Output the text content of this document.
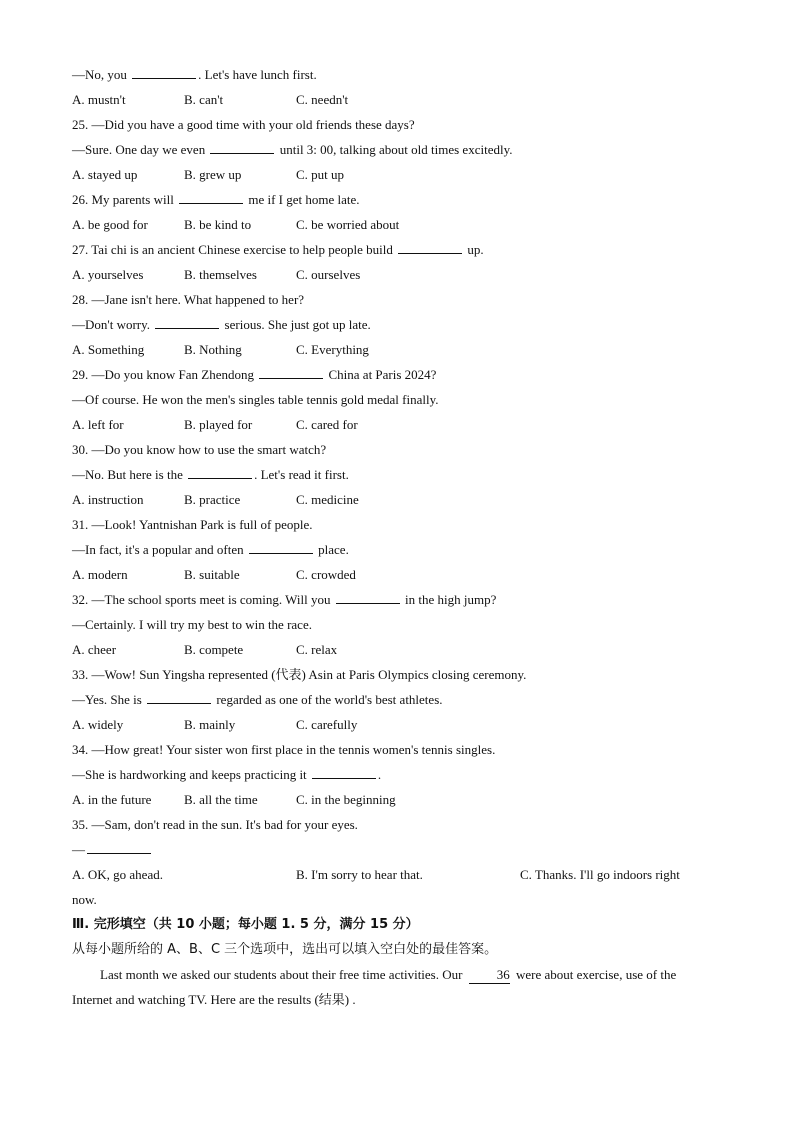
—No, you	. Let's have lunch first.
A. mustn't	B. can't	C. needn't
25. —Did you have a good time with your old friends these days?
—Sure. One day we even	until 3: 00, talking about old times excitedly.
A. stayed up	B. grew up	C. put up
26. My parents will	me if I get home late.
A. be good for	B. be kind to	C. be worried about
27. Tai chi is an ancient Chinese exercise to help people build	up.
A. yourselves	B. themselves	C. ourselves
28. —Jane isn't here. What happened to her?
—Don't worry.	serious. She just got up late.
A. Something	B. Nothing	C. Everything
29. —Do you know Fan Zhendong	China at Paris 2024?
—Of course. He won the men's singles table tennis gold medal finally.
A. left for	B. played for	C. cared for
30. —Do you know how to use the smart watch?
—No. But here is the	. Let's read it first.
A. instruction	B. practice	C. medicine
31. —Look! Yantnishan Park is full of people.
—In fact, it's a popular and often	place.
A. modern	B. suitable	C. crowded
32. —The school sports meet is coming. Will you	in the high jump?
—Certainly. I will try my best to win the race.
A. cheer	B. compete	C. relax
33. —Wow! Sun Yingsha represented (代表) Asin at Paris Olympics closing ceremony.
—Yes. She is	regarded as one of the world's best athletes.
A. widely	B. mainly	C. carefully
34. —How great! Your sister won first place in the tennis women's tennis singles.
—She is hardworking and keeps practicing it	.
A. in the future	B. all the time	C. in the beginning
35. —Sam, don't read in the sun. It's bad for your eyes.
—
A. OK, go ahead.	B. I'm sorry to hear that.	C. Thanks. I'll go indoors right
now.
Ⅲ. 完形填空（共 10 小题；每小题 1. 5 分，满分 15 分）
从每小题所给的 A、B、C 三个选项中，选出可以填入空白处的最佳答案。
Last month we asked our students about their free time activities. Our 36 were about exercise, use of the
Internet and watching TV. Here are the results (结果) .
